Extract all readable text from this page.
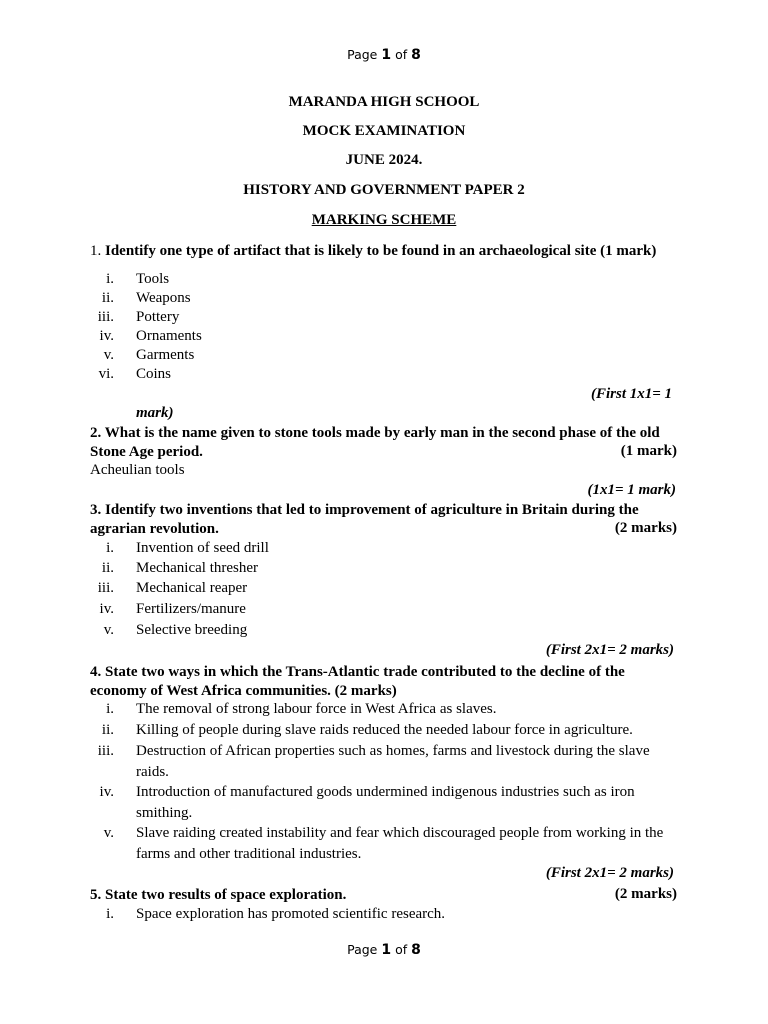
Page 1 of 8
MARANDA HIGH SCHOOL
MOCK EXAMINATION
JUNE 2024.
HISTORY AND GOVERNMENT PAPER 2
MARKING SCHEME
1. Identify one type of artifact that is likely to be found in an archaeological site (1 mark)
i. Tools
ii. Weapons
iii. Pottery
iv. Ornaments
v. Garments
vi. Coins
(First 1x1= 1
mark)
2. What is the name given to stone tools made by early man in the second phase of the old
Stone Age period.	(1 mark)
Acheulian tools
(1x1= 1 mark)
3. Identify two inventions that led to improvement of agriculture in Britain during the
agrarian revolution.	(2 marks)
i. Invention of seed drill
ii. Mechanical thresher
iii. Mechanical reaper
iv. Fertilizers/manure
v. Selective breeding
(First 2x1= 2 marks)
4. State two ways in which the Trans-Atlantic trade contributed to the decline of the
economy of West Africa communities. (2 marks)
i. The removal of strong labour force in West Africa as slaves.
ii. Killing of people during slave raids reduced the needed labour force in agriculture.
iii. Destruction of African properties such as homes, farms and livestock during the slave raids.
iv. Introduction of manufactured goods undermined indigenous industries such as iron smithing.
v. Slave raiding created instability and fear which discouraged people from working in the farms and other traditional industries.
(First 2x1= 2 marks)
5. State two results of space exploration.	(2 marks)
i. Space exploration has promoted scientific research.
Page 1 of 8
